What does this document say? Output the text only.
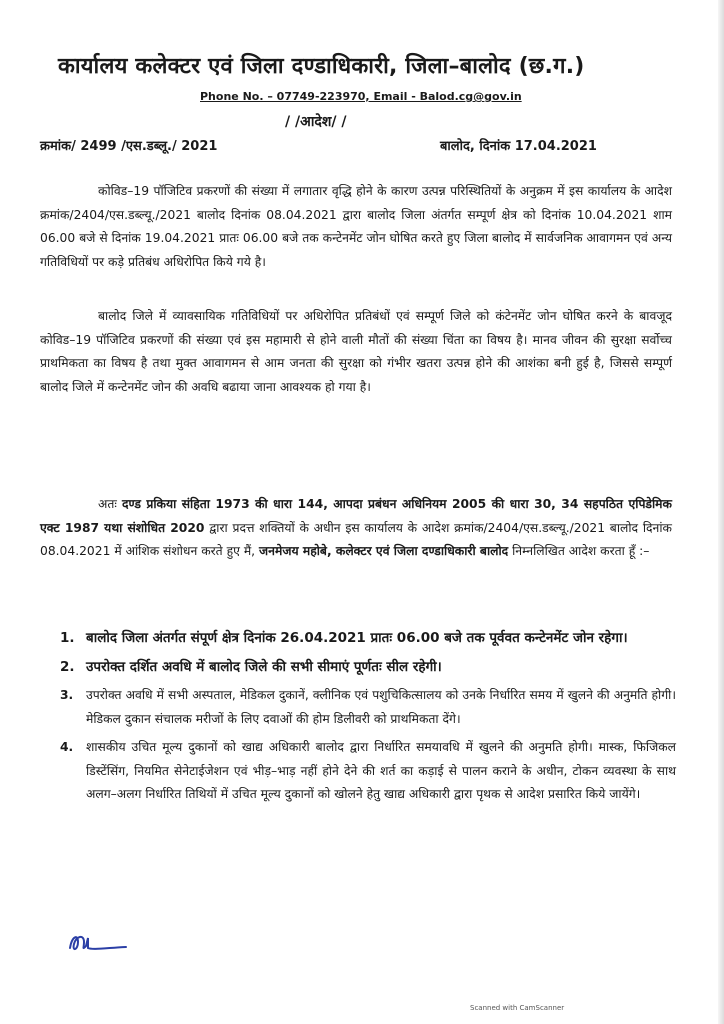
कार्यालय कलेक्टर एवं जिला दण्डाधिकारी, जिला–बालोद (छ.ग.)
Phone No. – 07749-223970, Email - Balod.cg@gov.in
/ /आदेश/ /
क्रमांक/ 2499 /एस.डब्लू./ 2021	बालोद, दिनांक 17.04.2021

कोविड–19 पॉजिटिव प्रकरणों की संख्या में लगातार वृद्धि होने के कारण उत्पन्न परिस्थितियों के अनुक्रम में इस कार्यालय के आदेश क्रमांक/2404/एस.डब्ल्यू./2021 बालोद दिनांक 08.04.2021 द्वारा बालोद जिला अंतर्गत सम्पूर्ण क्षेत्र को दिनांक 10.04.2021 शाम 06.00 बजे से दिनांक 19.04.2021 प्रातः 06.00 बजे तक कन्टेनमेंट जोन घोषित करते हुए जिला बालोद में सार्वजनिक आवागमन एवं अन्य गतिविधियों पर कड़े प्रतिबंध अधिरोपित किये गये है।

बालोद जिले में व्यावसायिक गतिविधियों पर अधिरोपित प्रतिबंधों एवं सम्पूर्ण जिले को कंटेनमेंट जोन घोषित करने के बावजूद कोविड–19 पॉजिटिव प्रकरणों की संख्या एवं इस महामारी से होने वाली मौतों की संख्या चिंता का विषय है। मानव जीवन की सुरक्षा सर्वोच्च प्राथमिकता का विषय है तथा मुक्त आवागमन से आम जनता की सुरक्षा को गंभीर खतरा उत्पन्न होने की आशंका बनी हुई है, जिससे सम्पूर्ण बालोद जिले में कन्टेनमेंट जोन की अवधि बढाया जाना आवश्यक हो गया है।

अतः दण्ड प्रकिया संहिता 1973 की धारा 144, आपदा प्रबंधन अधिनियम 2005 की धारा 30, 34 सहपठित एपिडेमिक एक्ट 1987 यथा संशोधित 2020 द्वारा प्रदत्त शक्तियों के अधीन इस कार्यालय के आदेश क्रमांक/2404/एस.डब्ल्यू./2021 बालोद दिनांक 08.04.2021 में आंशिक संशोधन करते हुए मैं, जनमेजय महोबे, कलेक्टर एवं जिला दण्डाधिकारी बालोद निम्नलिखित आदेश करता हूँ :–

1. बालोद जिला अंतर्गत संपूर्ण क्षेत्र दिनांक 26.04.2021 प्रातः 06.00 बजे तक पूर्ववत कन्टेनमेंट जोन रहेगा।
2. उपरोक्त दर्शित अवधि में बालोद जिले की सभी सीमाएं पूर्णतः सील रहेगी।
3. उपरोक्त अवधि में सभी अस्पताल, मेडिकल दुकानें, क्लीनिक एवं पशुचिकित्सालय को उनके निर्धारित समय में खुलने की अनुमति होगी। मेडिकल दुकान संचालक मरीजों के लिए दवाओं की होम डिलीवरी को प्राथमिकता देंगे।
4. शासकीय उचित मूल्य दुकानों को खाद्य अधिकारी बालोद द्वारा निर्धारित समयावधि में खुलने की अनुमति होगी। मास्क, फिजिकल डिस्टेंसिंग, नियमित सेनेटाईजेशन एवं भीड़–भाड़ नहीं होने देने की शर्त का कड़ाई से पालन कराने के अधीन, टोकन व्यवस्था के साथ अलग–अलग निर्धारित तिथियों में उचित मूल्य दुकानों को खोलने हेतु खाद्य अधिकारी द्वारा पृथक से आदेश प्रसारित किये जायेंगे।
Scanned with CamScanner
